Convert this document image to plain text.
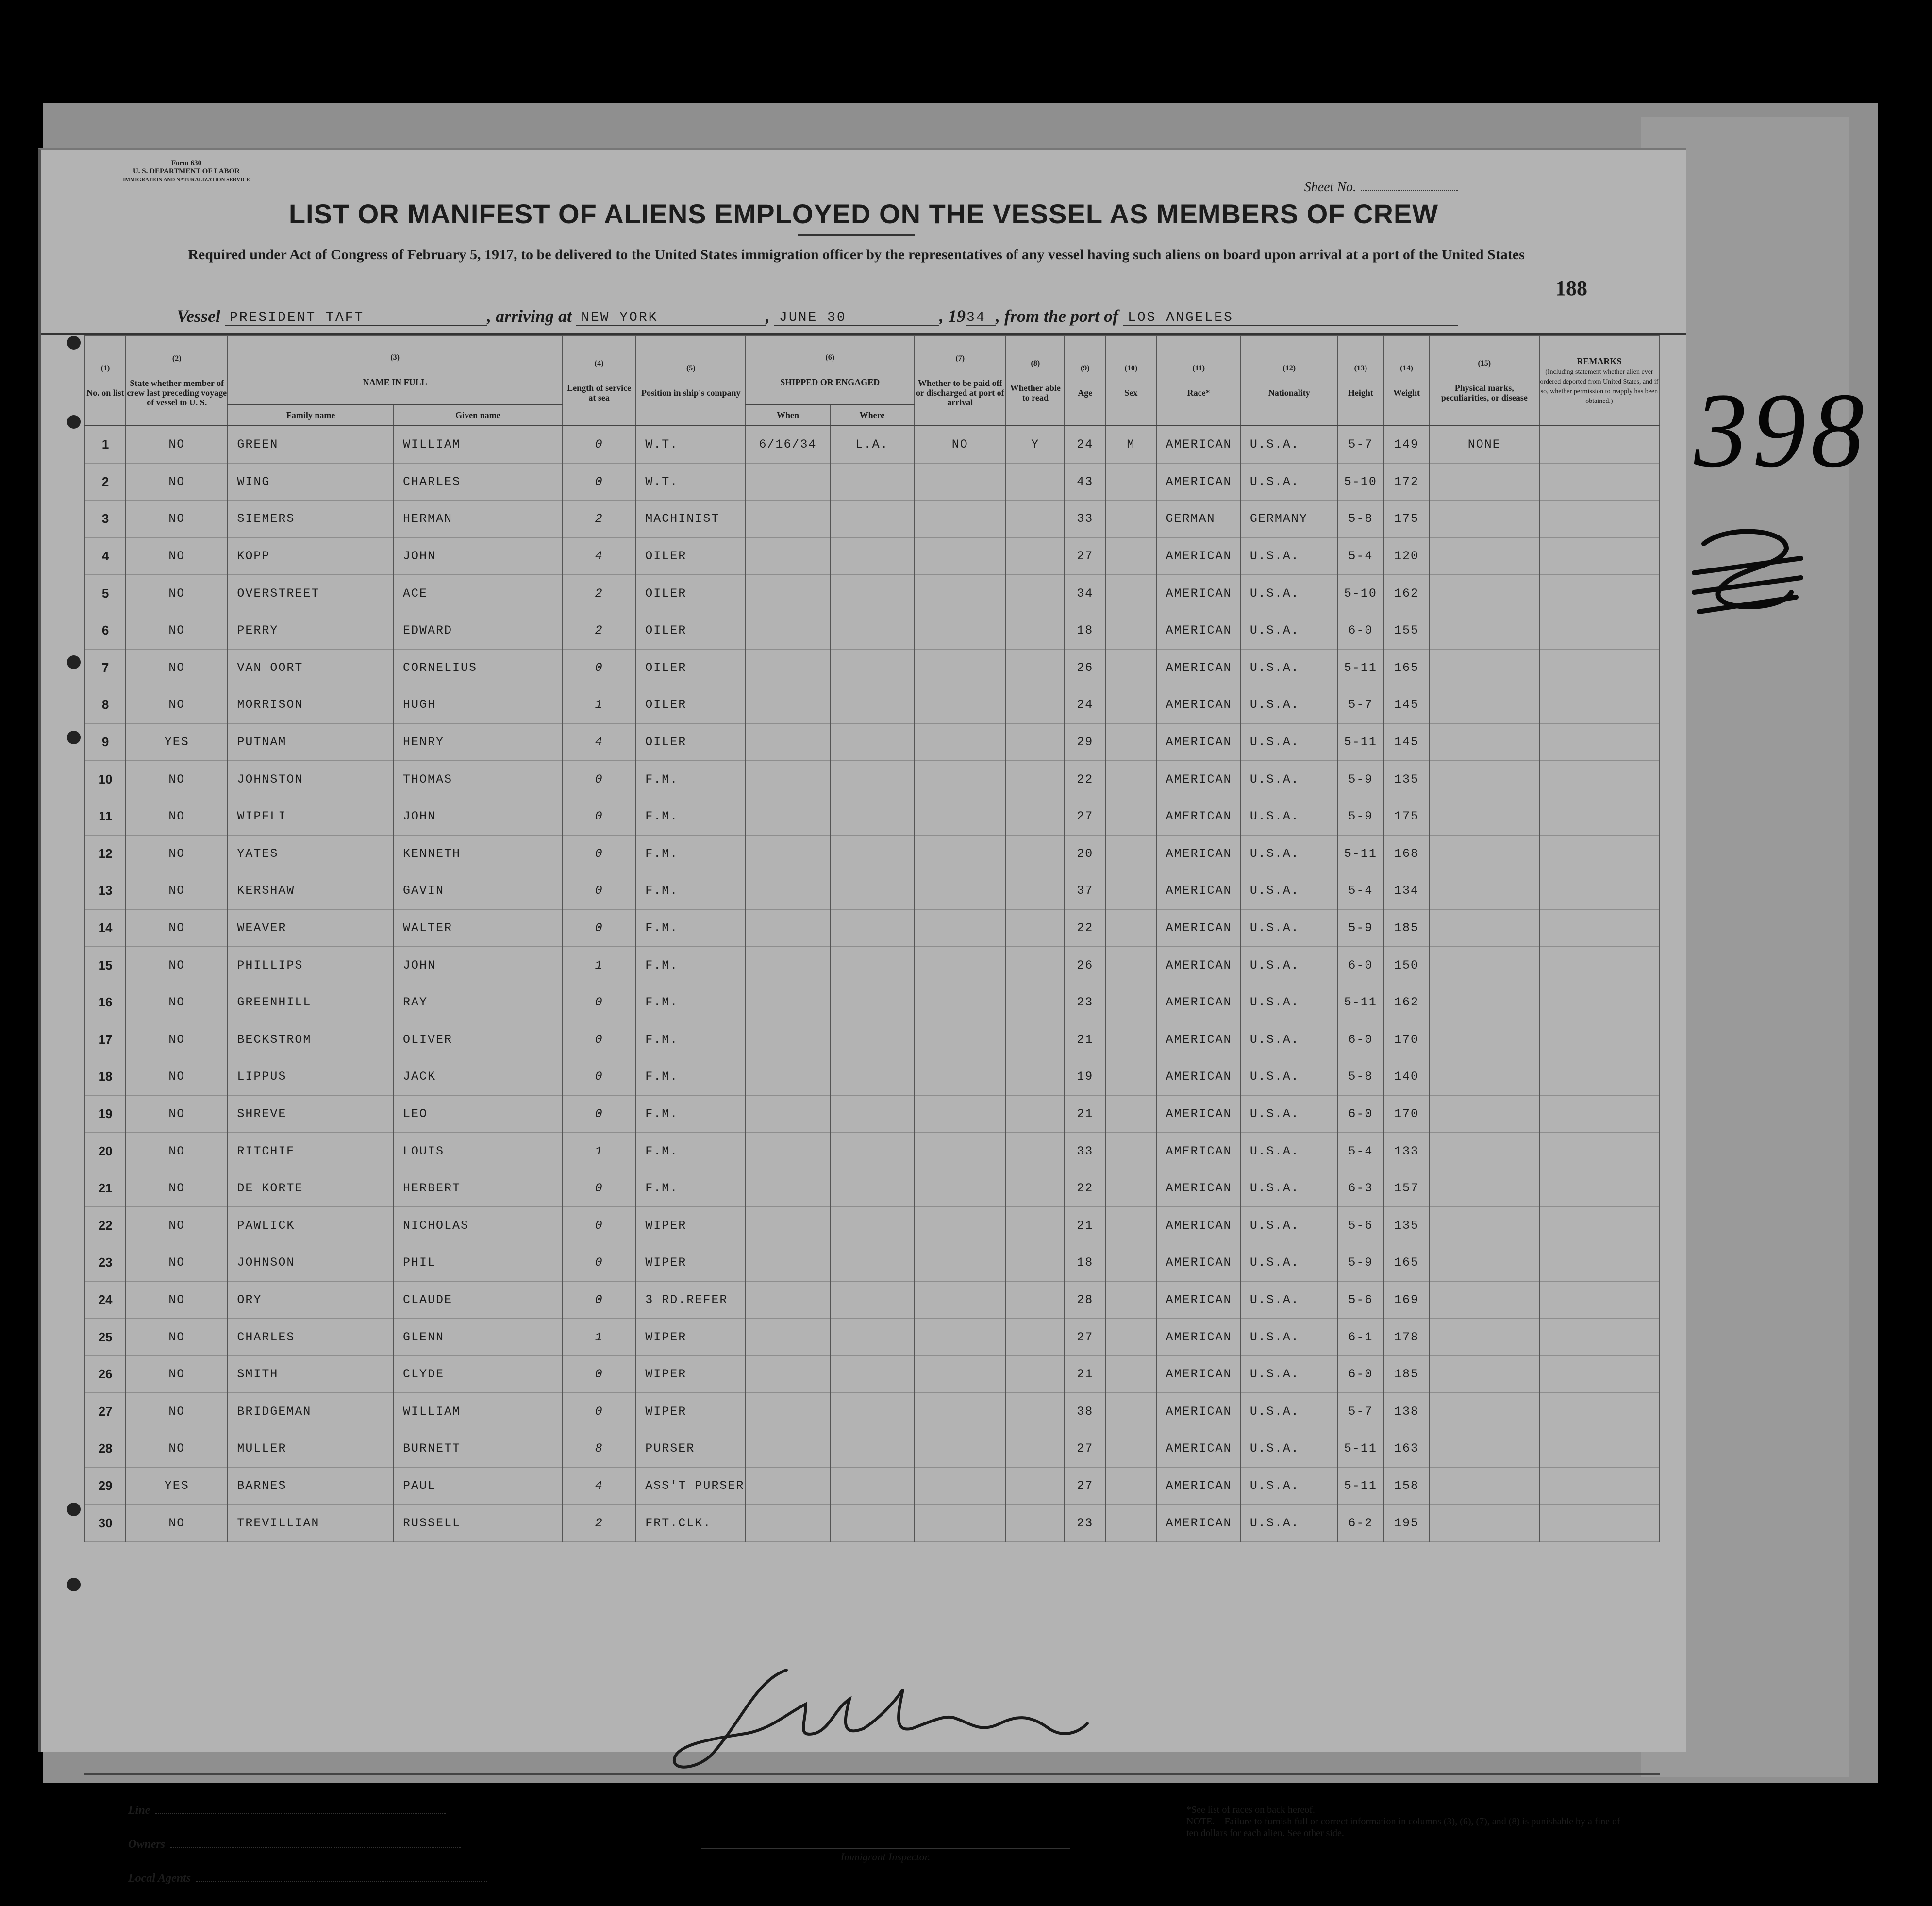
Form 630
U. S. DEPARTMENT OF LABOR
IMMIGRATION AND NATURALIZATION SERVICE	Sheet No.
LIST OR MANIFEST OF ALIENS EMPLOYED ON THE VESSEL AS MEMBERS OF CREW
Required under Act of Congress of February 5, 1917, to be delivered to the United States immigration officer by the representatives of any vessel having such aliens on board upon arrival at a port of the United States
188
Vessel PRESIDENT TAFT	, arriving at NEW YORK	, JUNE 30	, 1934 , from the port of LOS ANGELES
(1)
No. on list	(2)
State whether member of crew last preceding voyage of vessel to U. S.	(3)
NAME IN FULL		(4)
Length of service at sea	(5)
Position in ship's company	(6)
SHIPPED OR ENGAGED		(7)
Whether to be paid off or discharged at port of arrival	(8)
Whether able to read	(9)
Age	(10)
Sex	(11)
Race*	(12)
Nationality	(13)
Height	(14)
Weight	(15)
Physical marks, peculiarities, or disease	REMARKS
(Including statement whether alien ever ordered deported from United States, and if so, whether permission to reapply has been obtained.)
		Family name	Given name			When	Where										
1	NO	GREEN	WILLIAM	0	W.T.	6/16/34	L.A.	NO	Y	24	M	AMERICAN	U.S.A.	5-7	149	NONE	
2	NO	WING	CHARLES	0	W.T.					43		AMERICAN	U.S.A.	5-10	172		
3	NO	SIEMERS	HERMAN	2	MACHINIST					33		GERMAN	GERMANY	5-8	175		
4	NO	KOPP	JOHN	4	OILER					27		AMERICAN	U.S.A.	5-4	120		
5	NO	OVERSTREET	ACE	2	OILER					34		AMERICAN	U.S.A.	5-10	162		
6	NO	PERRY	EDWARD	2	OILER					18		AMERICAN	U.S.A.	6-0	155		
7	NO	VAN OORT	CORNELIUS	0	OILER					26		AMERICAN	U.S.A.	5-11	165		
8	NO	MORRISON	HUGH	1	OILER					24		AMERICAN	U.S.A.	5-7	145		
9	YES	PUTNAM	HENRY	4	OILER					29		AMERICAN	U.S.A.	5-11	145		
10	NO	JOHNSTON	THOMAS	0	F.M.					22		AMERICAN	U.S.A.	5-9	135		
11	NO	WIPFLI	JOHN	0	F.M.					27		AMERICAN	U.S.A.	5-9	175		
12	NO	YATES	KENNETH	0	F.M.					20		AMERICAN	U.S.A.	5-11	168		
13	NO	KERSHAW	GAVIN	0	F.M.					37		AMERICAN	U.S.A.	5-4	134		
14	NO	WEAVER	WALTER	0	F.M.					22		AMERICAN	U.S.A.	5-9	185		
15	NO	PHILLIPS	JOHN	1	F.M.					26		AMERICAN	U.S.A.	6-0	150		
16	NO	GREENHILL	RAY	0	F.M.					23		AMERICAN	U.S.A.	5-11	162		
17	NO	BECKSTROM	OLIVER	0	F.M.					21		AMERICAN	U.S.A.	6-0	170		
18	NO	LIPPUS	JACK	0	F.M.					19		AMERICAN	U.S.A.	5-8	140		
19	NO	SHREVE	LEO	0	F.M.					21		AMERICAN	U.S.A.	6-0	170		
20	NO	RITCHIE	LOUIS	1	F.M.					33		AMERICAN	U.S.A.	5-4	133		
21	NO	DE KORTE	HERBERT	0	F.M.					22		AMERICAN	U.S.A.	6-3	157		
22	NO	PAWLICK	NICHOLAS	0	WIPER					21		AMERICAN	U.S.A.	5-6	135		
23	NO	JOHNSON	PHIL	0	WIPER					18		AMERICAN	U.S.A.	5-9	165		
24	NO	ORY	CLAUDE	0	3 RD.REFER					28		AMERICAN	U.S.A.	5-6	169		
25	NO	CHARLES	GLENN	1	WIPER					27		AMERICAN	U.S.A.	6-1	178		
26	NO	SMITH	CLYDE	0	WIPER					21		AMERICAN	U.S.A.	6-0	185		
27	NO	BRIDGEMAN	WILLIAM	0	WIPER					38		AMERICAN	U.S.A.	5-7	138		
28	NO	MULLER	BURNETT	8	PURSER					27		AMERICAN	U.S.A.	5-11	163		
29	YES	BARNES	PAUL	4	ASS'T PURSER					27		AMERICAN	U.S.A.	5-11	158		
30	NO	TREVILLIAN	RUSSELL	2	FRT.CLK.					23		AMERICAN	U.S.A.	6-2	195		
Line
Owners
Local Agents
Immigrant Inspector.
*See list of races on back hereof.
NOTE.—Failure to furnish full or correct information in columns (3), (6), (7), and (8) is punishable by a fine of ten dollars for each alien. See other side.
398
